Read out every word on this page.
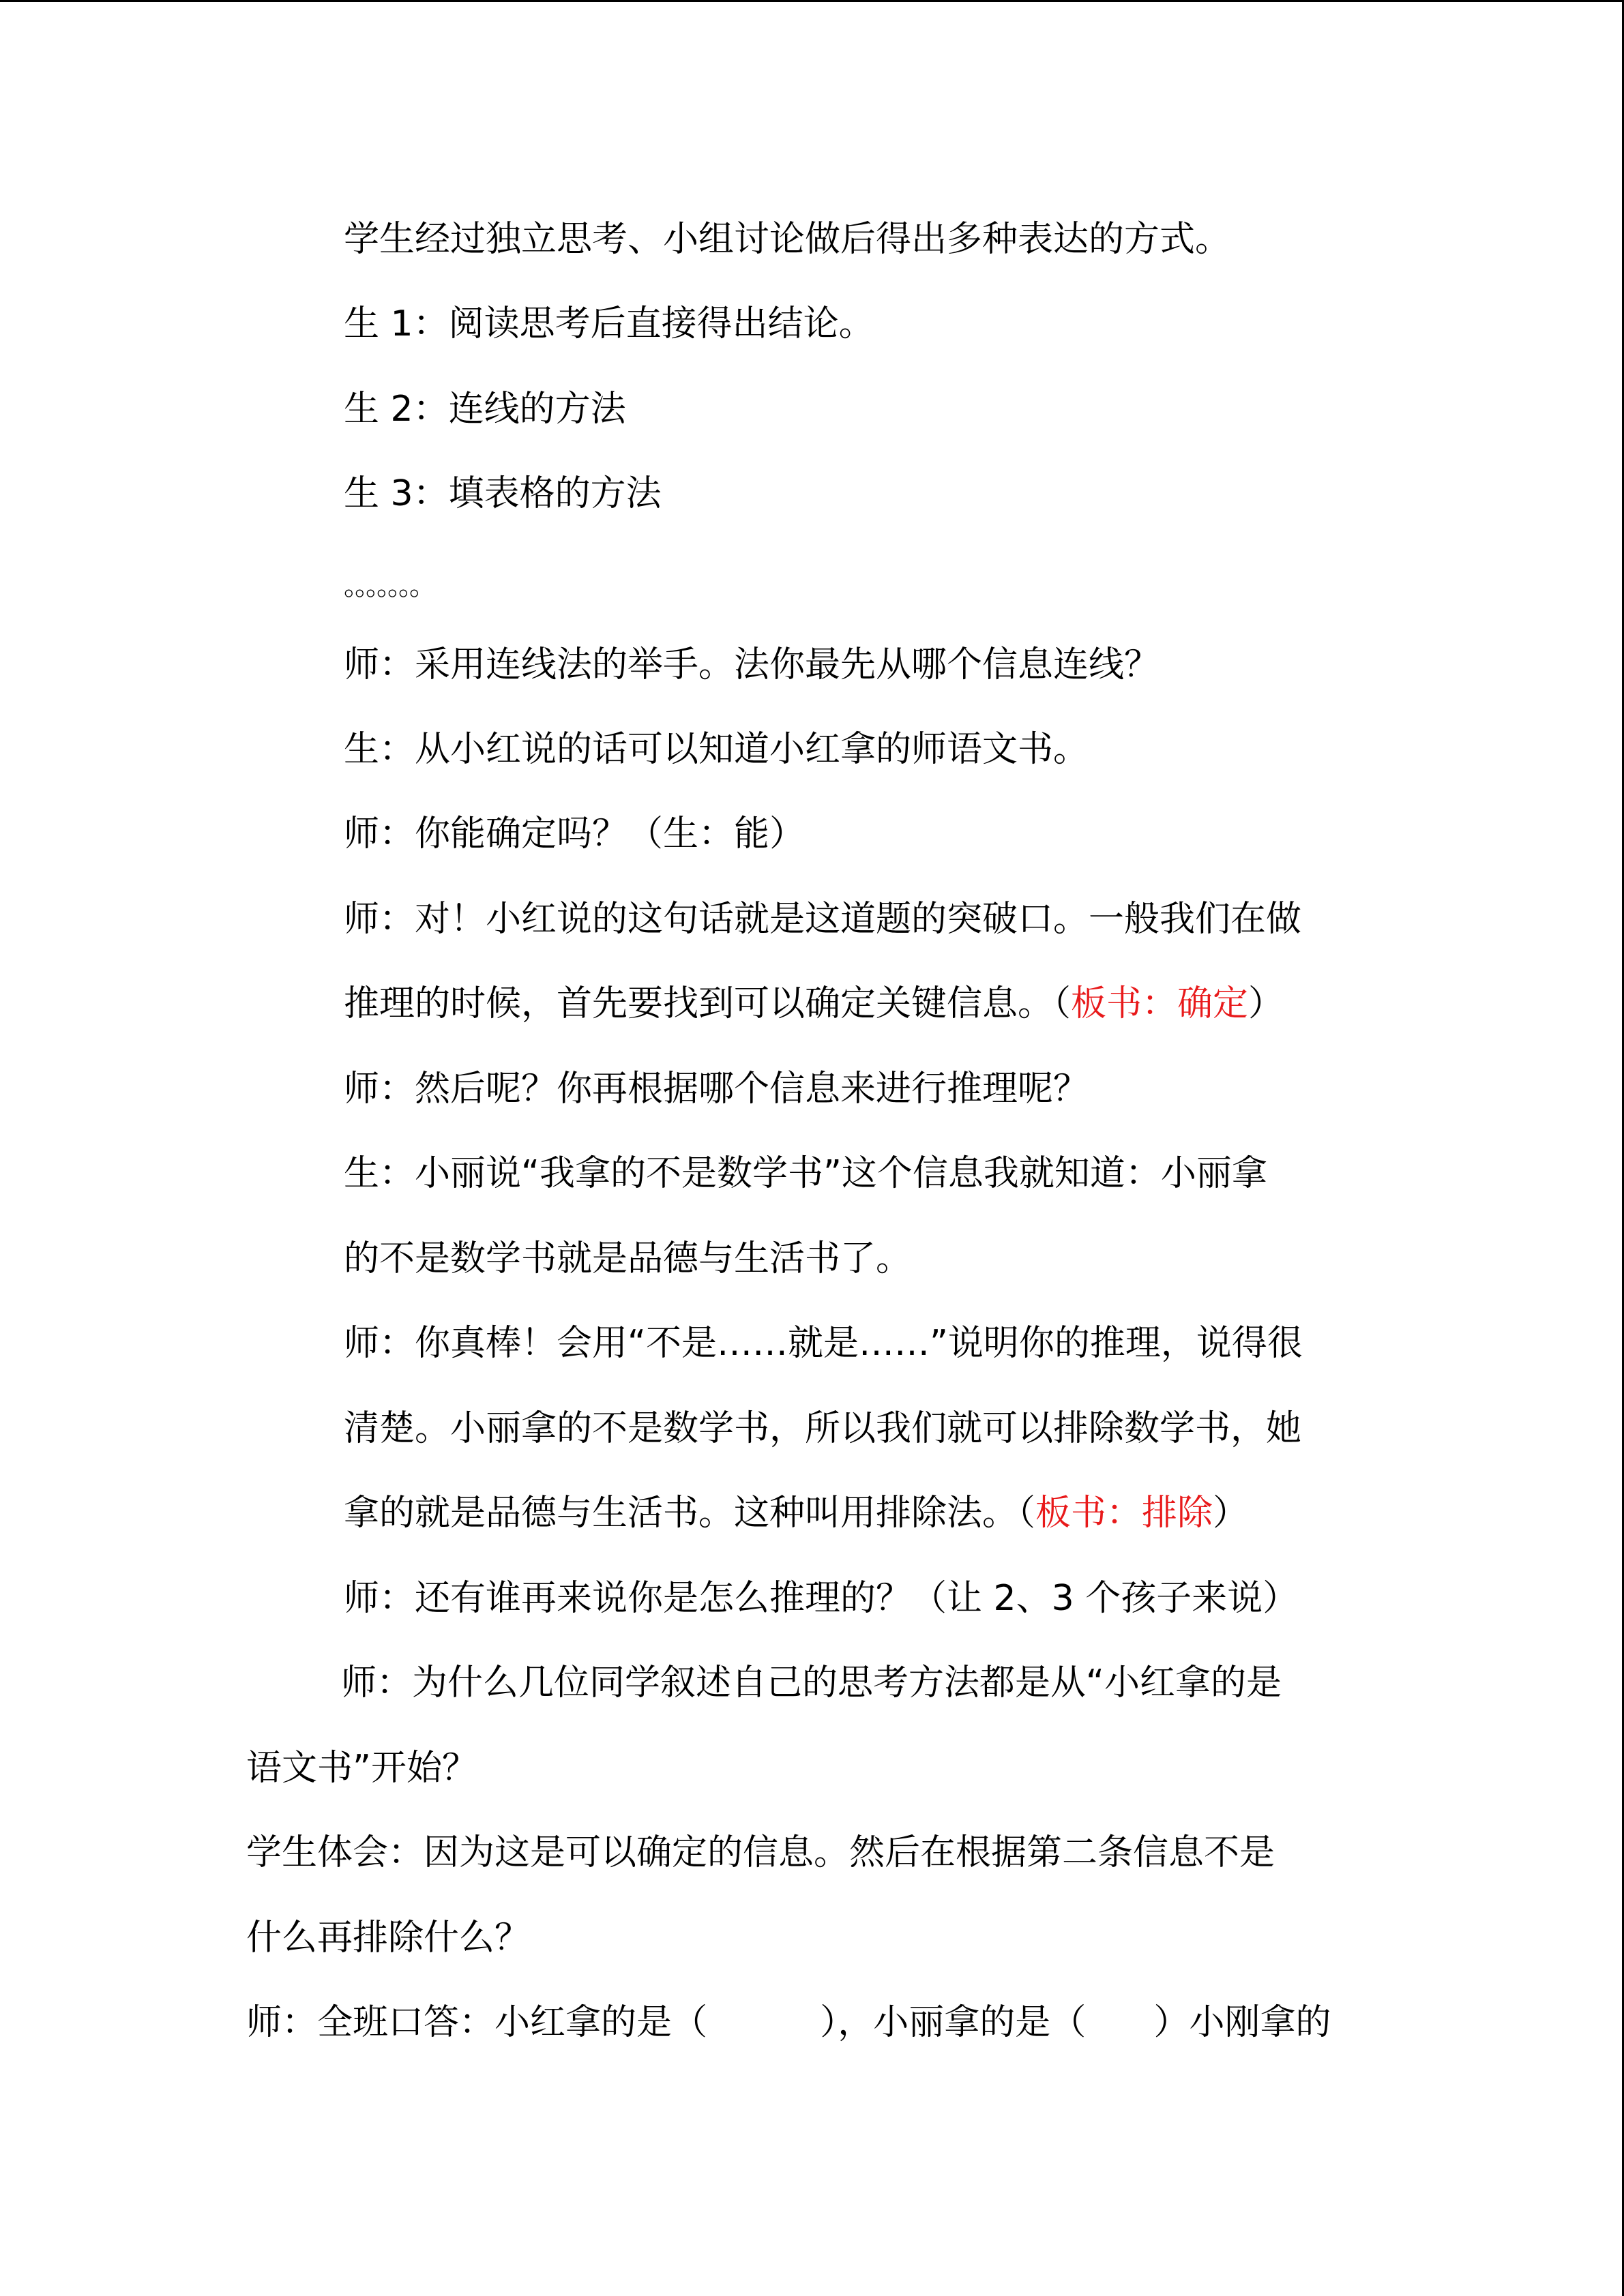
学生经过独立思考、小组讨论做后得出多种表达的方式。
生 1：阅读思考后直接得出结论。
生 2：连线的方法
生 3：填表格的方法
。。。。。。。
师：采用连线法的举手。法你最先从哪个信息连线？
生：从小红说的话可以知道小红拿的师语文书。
师：你能确定吗？（生：能）
师：对！小红说的这句话就是这道题的突破口。一般我们在做
推理的时候，首先要找到可以确定关键信息。（板书：确定）
师：然后呢？你再根据哪个信息来进行推理呢？
生：小丽说“我拿的不是数学书”这个信息我就知道：小丽拿
的不是数学书就是品德与生活书了。
师：你真棒！会用“不是……就是……”说明你的推理，说得很
清楚。小丽拿的不是数学书，所以我们就可以排除数学书，她
拿的就是品德与生活书。这种叫用排除法。（板书：排除）
师：还有谁再来说你是怎么推理的？（让 2、3 个孩子来说）
师：为什么几位同学叙述自己的思考方法都是从“小红拿的是
语文书”开始？
学生体会：因为这是可以确定的信息。然后在根据第二条信息不是
什么再排除什么？
师：全班口答：小红拿的是（          ），小丽拿的是（      ）小刚拿的
